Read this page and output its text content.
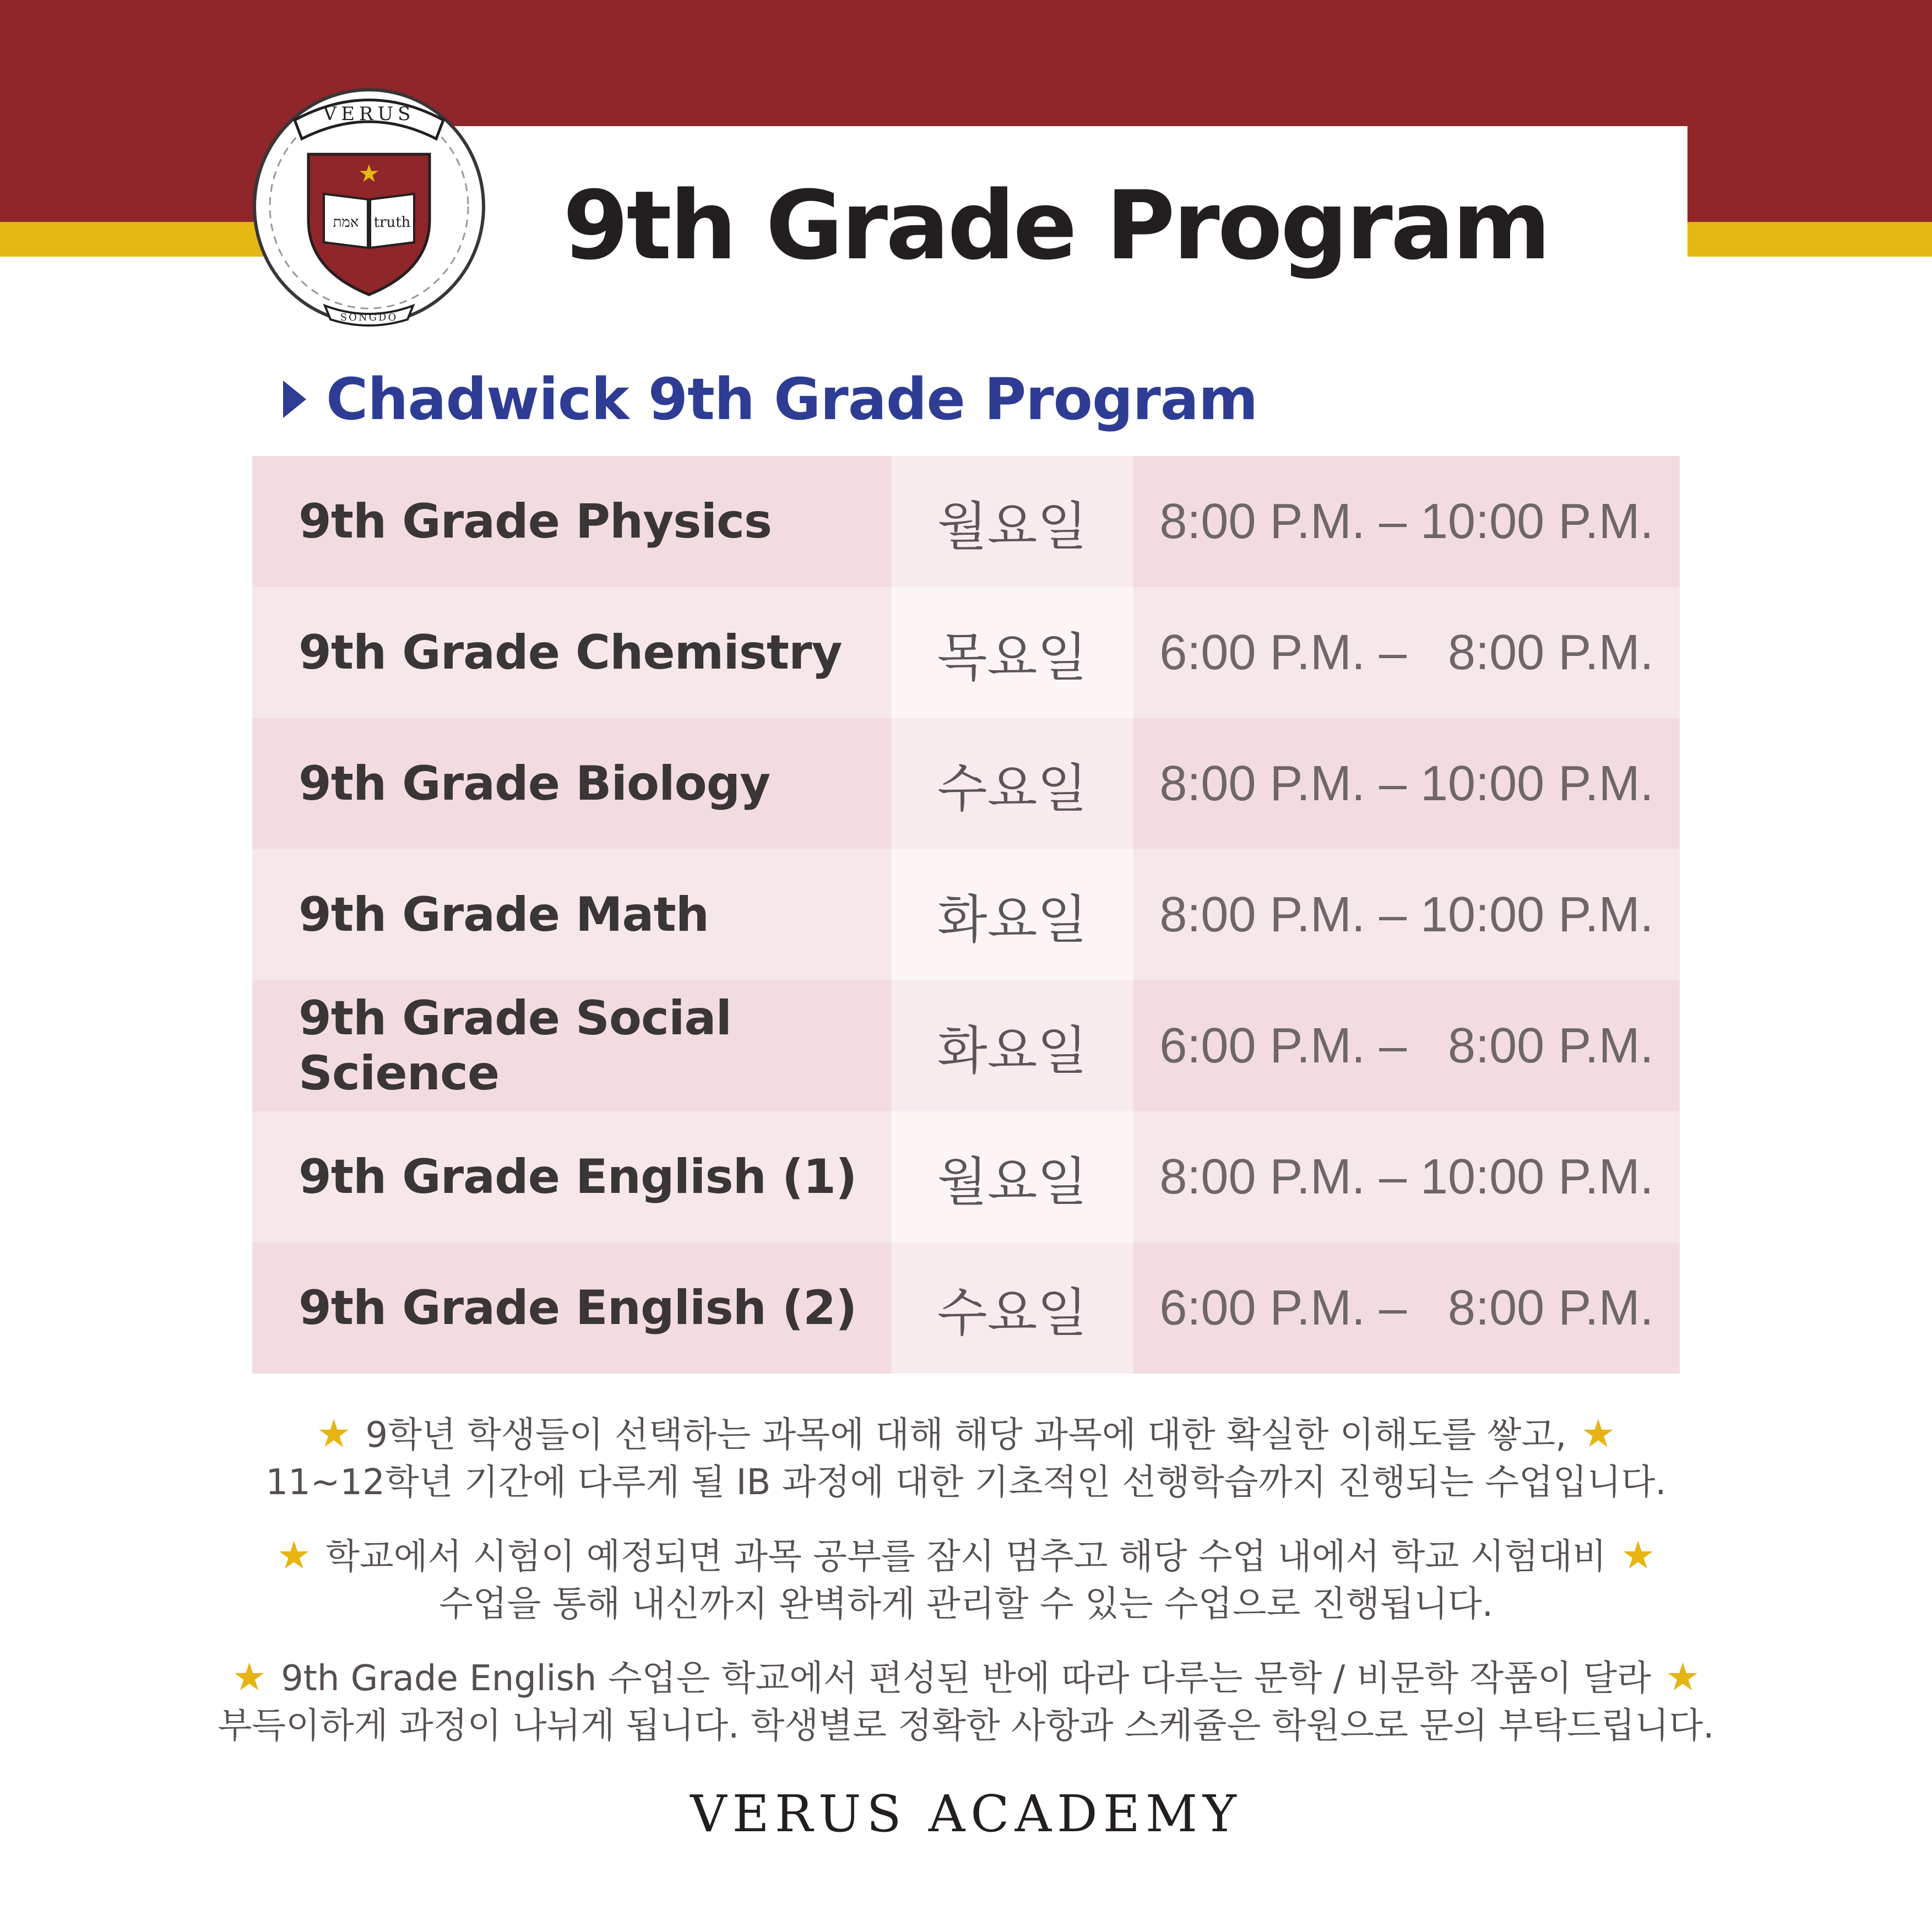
9th Grade Program
VERUS
★
אמת truth
SONGDO
Chadwick 9th Grade Program
9th Grade Physics	월요일	8:00 P.M. – 10:00 P.M.
9th Grade Chemistry	목요일	6:00 P.M. –   8:00 P.M.
9th Grade Biology	수요일	8:00 P.M. – 10:00 P.M.
9th Grade Math	화요일	8:00 P.M. – 10:00 P.M.
9th Grade Social Science	화요일	6:00 P.M. –   8:00 P.M.
9th Grade English (1)	월요일	8:00 P.M. – 10:00 P.M.
9th Grade English (2)	수요일	6:00 P.M. –   8:00 P.M.
★ 9학년 학생들이 선택하는 과목에 대해 해당 과목에 대한 확실한 이해도를 쌓고, ★
11~12학년 기간에 다루게 될 IB 과정에 대한 기초적인 선행학습까지 진행되는 수업입니다.
★ 학교에서 시험이 예정되면 과목 공부를 잠시 멈추고 해당 수업 내에서 학교 시험대비 ★
수업을 통해 내신까지 완벽하게 관리할 수 있는 수업으로 진행됩니다.
★ 9th Grade English 수업은 학교에서 편성된 반에 따라 다루는 문학 / 비문학 작품이 달라 ★
부득이하게 과정이 나뉘게 됩니다. 학생별로 정확한 사항과 스케쥴은 학원으로 문의 부탁드립니다.
VERUS ACADEMY
